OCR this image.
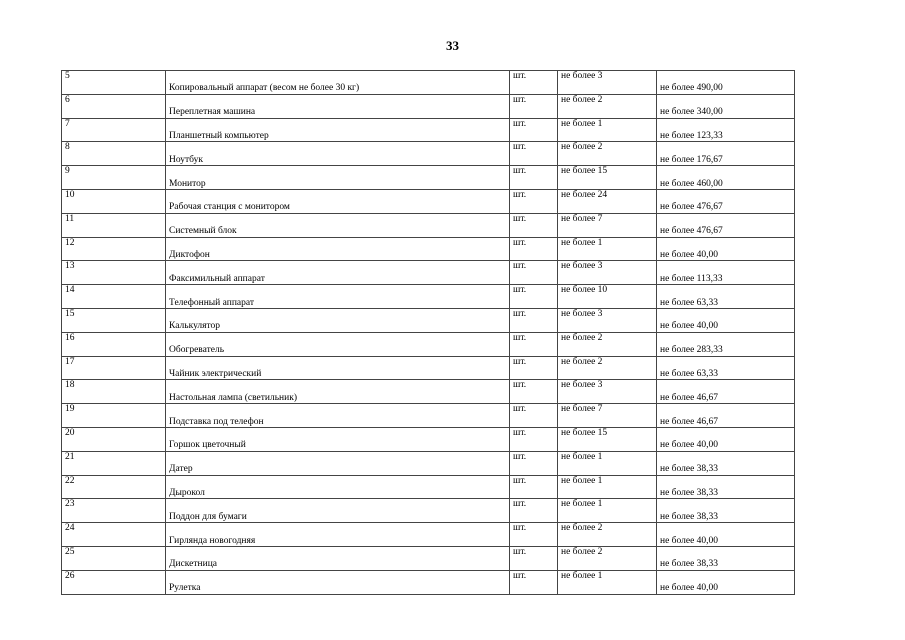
33
5	Копировальный аппарат (весом не более 30 кг)	шт.	не более 3	не более 490,00
6	Переплетная машина	шт.	не более 2	не более 340,00
7	Планшетный компьютер	шт.	не более 1	не более 123,33
8	Ноутбук	шт.	не более 2	не более 176,67
9	Монитор	шт.	не более 15	не более 460,00
10	Рабочая станция с монитором	шт.	не более 24	не более 476,67
11	Системный блок	шт.	не более 7	не более 476,67
12	Диктофон	шт.	не более 1	не более 40,00
13	Факсимильный аппарат	шт.	не более 3	не более 113,33
14	Телефонный аппарат	шт.	не более 10	не более 63,33
15	Калькулятор	шт.	не более 3	не более 40,00
16	Обогреватель	шт.	не более 2	не более 283,33
17	Чайник электрический	шт.	не более 2	не более 63,33
18	Настольная лампа (светильник)	шт.	не более 3	не более 46,67
19	Подставка под телефон	шт.	не более 7	не более 46,67
20	Горшок цветочный	шт.	не более 15	не более 40,00
21	Датер	шт.	не более 1	не более 38,33
22	Дырокол	шт.	не более 1	не более 38,33
23	Поддон для бумаги	шт.	не более 1	не более 38,33
24	Гирлянда новогодняя	шт.	не более 2	не более 40,00
25	Дискетница	шт.	не более 2	не более 38,33
26	Рулетка	шт.	не более 1	не более 40,00
